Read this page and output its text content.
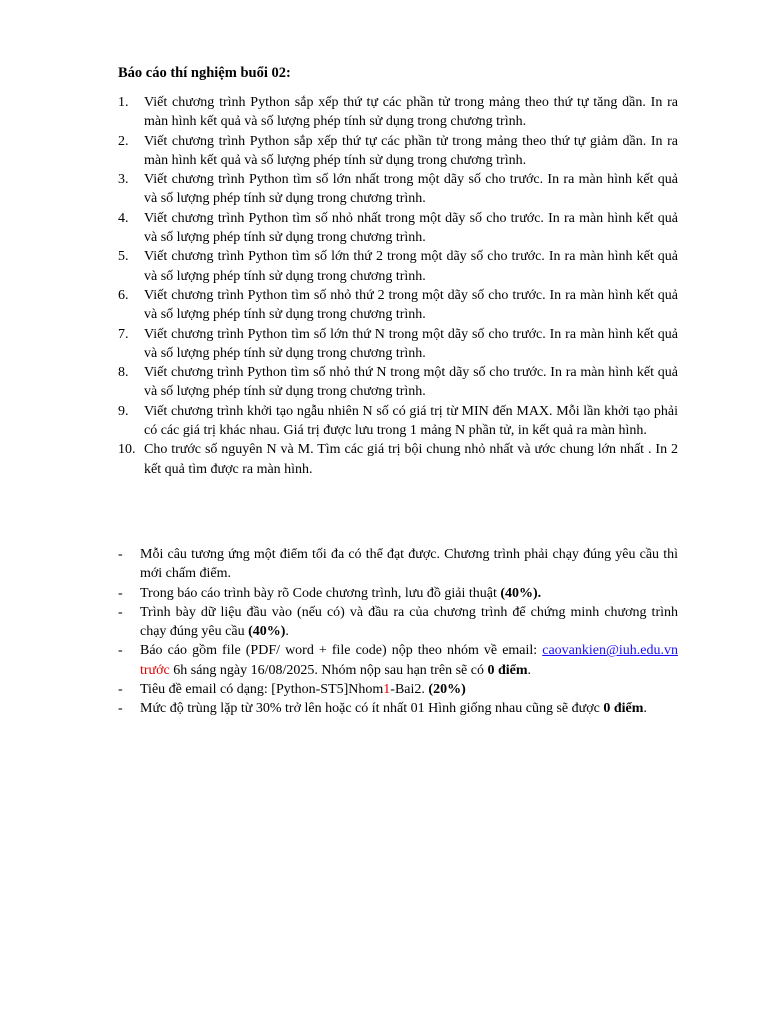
Báo cáo thí nghiệm buổi 02:
1. Viết chương trình Python sắp xếp thứ tự các phần tử trong mảng theo thứ tự tăng dần. In ra màn hình kết quả và số lượng phép tính sử dụng trong chương trình.
2. Viết chương trình Python sắp xếp thứ tự các phần tử trong mảng theo thứ tự giảm dần. In ra màn hình kết quả và số lượng phép tính sử dụng trong chương trình.
3. Viết chương trình Python tìm số lớn nhất trong một dãy số cho trước. In ra màn hình kết quả và số lượng phép tính sử dụng trong chương trình.
4. Viết chương trình Python tìm số nhỏ nhất trong một dãy số cho trước. In ra màn hình kết quả và số lượng phép tính sử dụng trong chương trình.
5. Viết chương trình Python tìm số lớn thứ 2 trong một dãy số cho trước. In ra màn hình kết quả và số lượng phép tính sử dụng trong chương trình.
6. Viết chương trình Python tìm số nhỏ thứ 2 trong một dãy số cho trước. In ra màn hình kết quả và số lượng phép tính sử dụng trong chương trình.
7. Viết chương trình Python tìm số lớn thứ N trong một dãy số cho trước. In ra màn hình kết quả và số lượng phép tính sử dụng trong chương trình.
8. Viết chương trình Python tìm số nhỏ thứ N trong một dãy số cho trước. In ra màn hình kết quả và số lượng phép tính sử dụng trong chương trình.
9. Viết chương trình khởi tạo ngẫu nhiên N số có giá trị từ MIN đến MAX. Mỗi lần khởi tạo phải có các giá trị khác nhau. Giá trị được lưu trong 1 mảng N phần tử, in kết quả ra màn hình.
10. Cho trước số nguyên N và M. Tìm các giá trị bội chung nhỏ nhất và ước chung lớn nhất . In 2 kết quả tìm được ra màn hình.
- Mỗi câu tương ứng một điểm tối đa có thể đạt được. Chương trình phải chạy đúng yêu cầu thì mới chấm điểm.
- Trong báo cáo trình bày rõ Code chương trình, lưu đồ giải thuật (40%).
- Trình bày dữ liệu đầu vào (nếu có) và đầu ra của chương trình để chứng minh chương trình chạy đúng yêu cầu (40%).
- Báo cáo gồm file (PDF/ word + file code) nộp theo nhóm về email: caovankien@iuh.edu.vn trước 6h sáng ngày 16/08/2025. Nhóm nộp sau hạn trên sẽ có 0 điểm.
- Tiêu đề email có dạng: [Python-ST5]Nhom1-Bai2. (20%)
- Mức độ trùng lặp từ 30% trở lên hoặc có ít nhất 01 Hình giống nhau cũng sẽ được 0 điểm.
